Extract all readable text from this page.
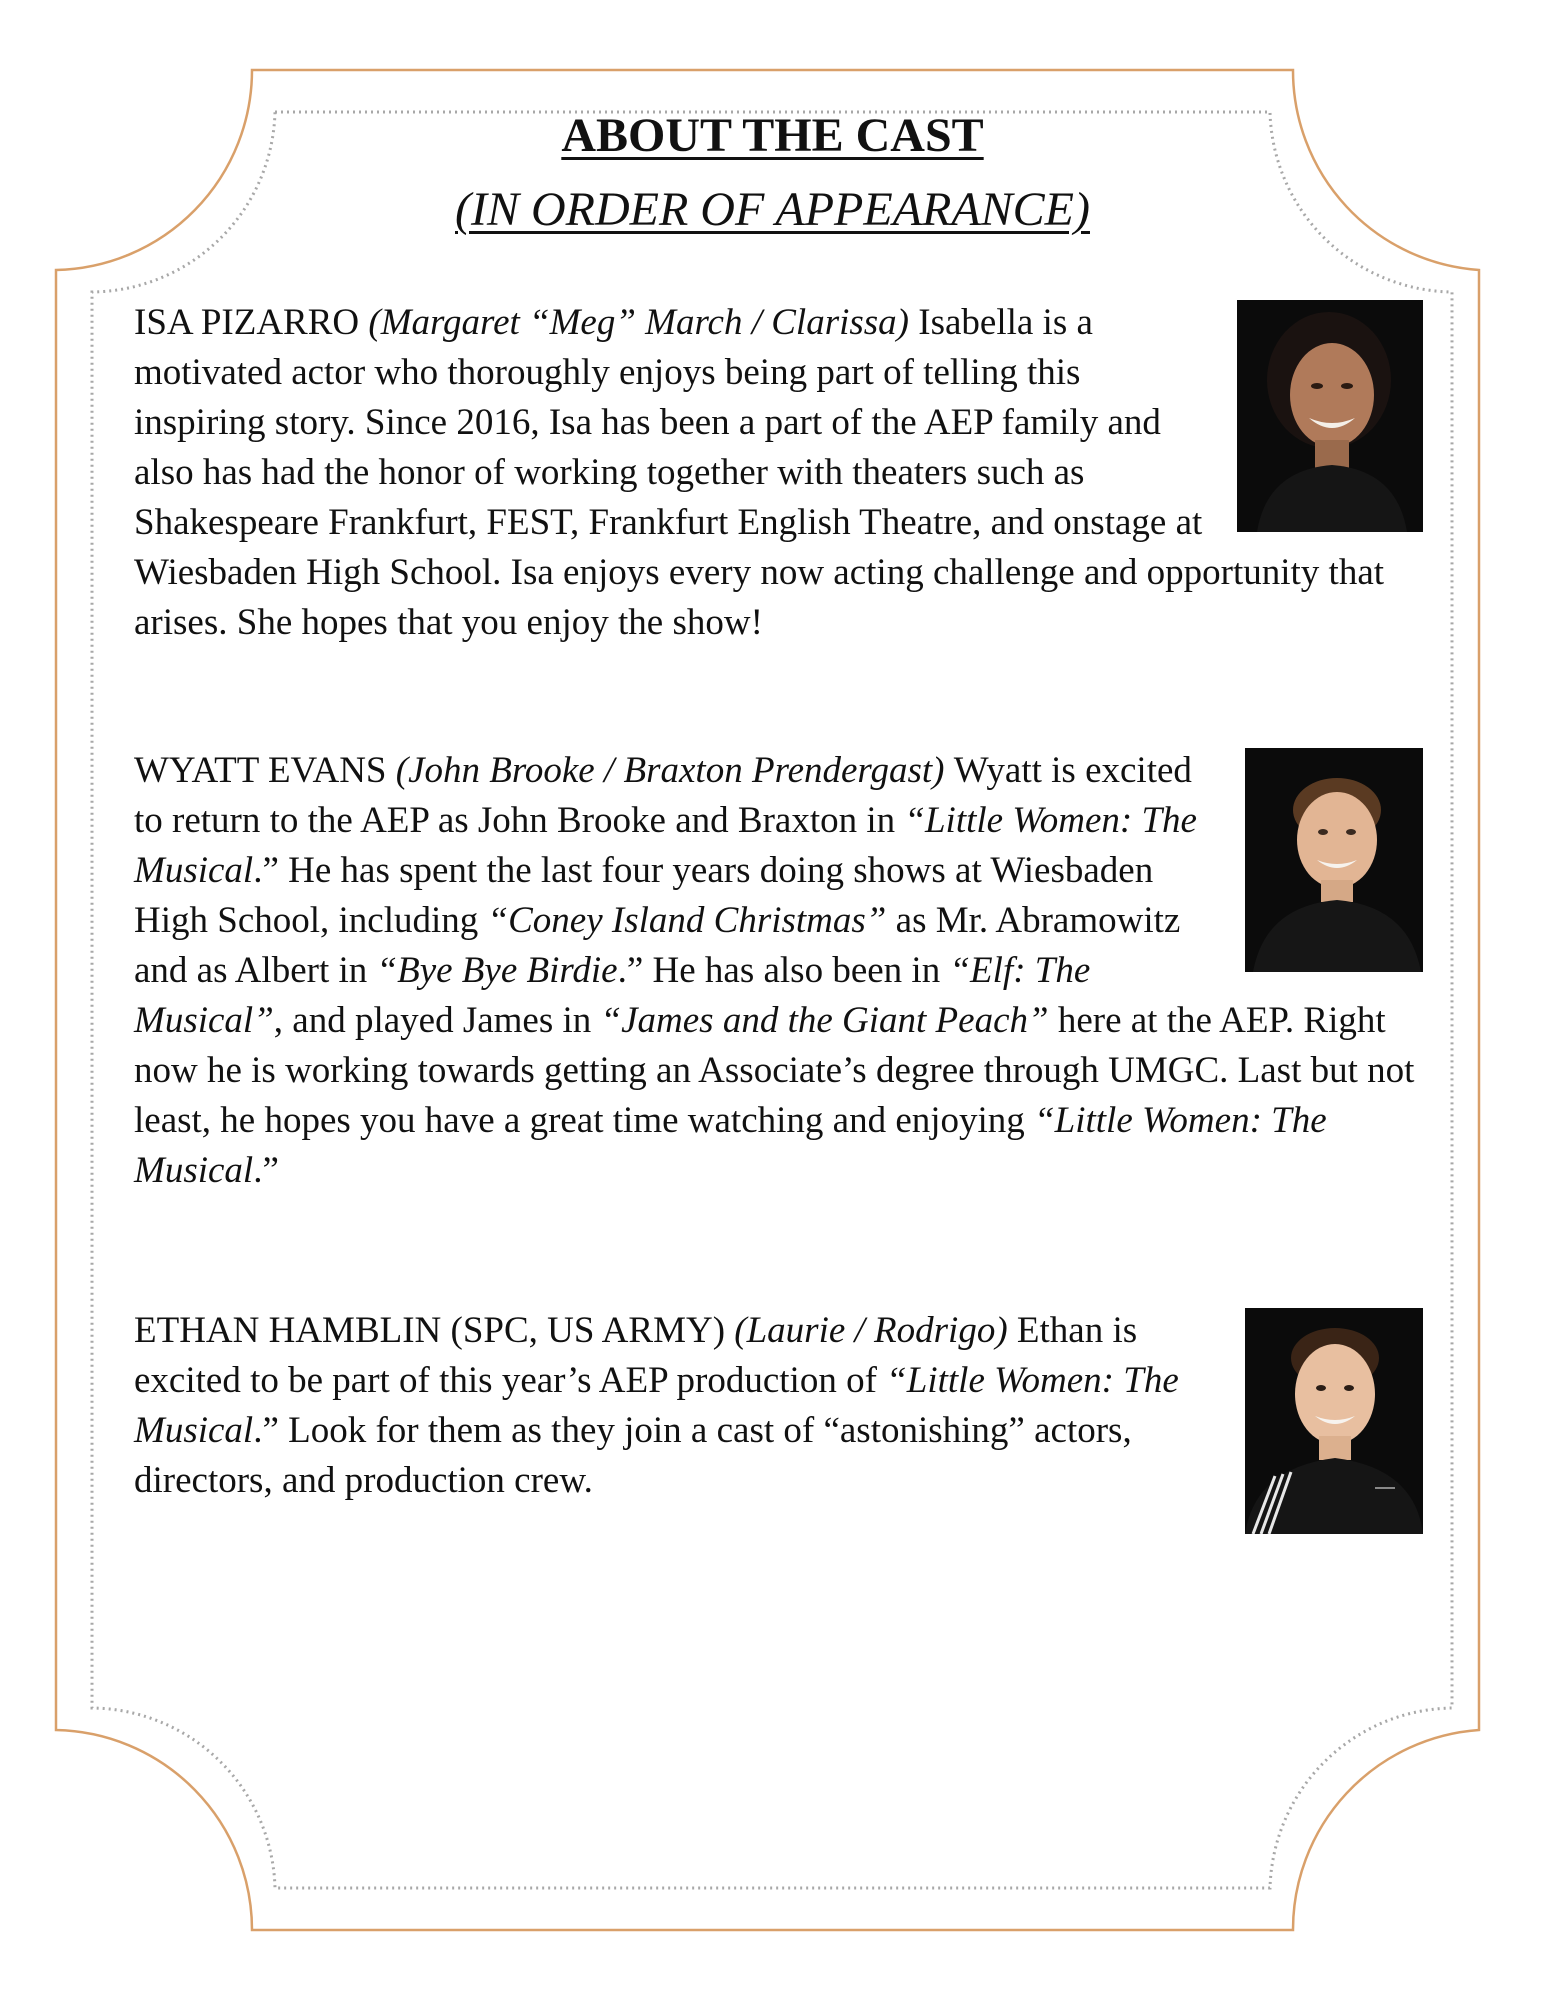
ABOUT THE CAST
(IN ORDER OF APPEARANCE)
ISA PIZARRO (Margaret “Meg” March / Clarissa) Isabella is a motivated actor who thoroughly enjoys being part of telling this inspiring story. Since 2016, Isa has been a part of the AEP family and also has had the honor of working together with theaters such as Shakespeare Frankfurt, FEST, Frankfurt English Theatre, and onstage at Wiesbaden High School. Isa enjoys every now acting challenge and opportunity that arises. She hopes that you enjoy the show!
WYATT EVANS (John Brooke / Braxton Prendergast) Wyatt is excited to return to the AEP as John Brooke and Braxton in “Little Women: The Musical.” He has spent the last four years doing shows at Wiesbaden High School, including “Coney Island Christmas” as Mr. Abramowitz and as Albert in “Bye Bye Birdie.” He has also been in “Elf: The Musical”, and played James in “James and the Giant Peach” here at the AEP. Right now he is working towards getting an Associate’s degree through UMGC. Last but not least, he hopes you have a great time watching and enjoying “Little Women: The Musical.”
ETHAN HAMBLIN (SPC, US ARMY) (Laurie / Rodrigo) Ethan is excited to be part of this year’s AEP production of “Little Women: The Musical.” Look for them as they join a cast of “astonishing” actors, directors, and production crew.
